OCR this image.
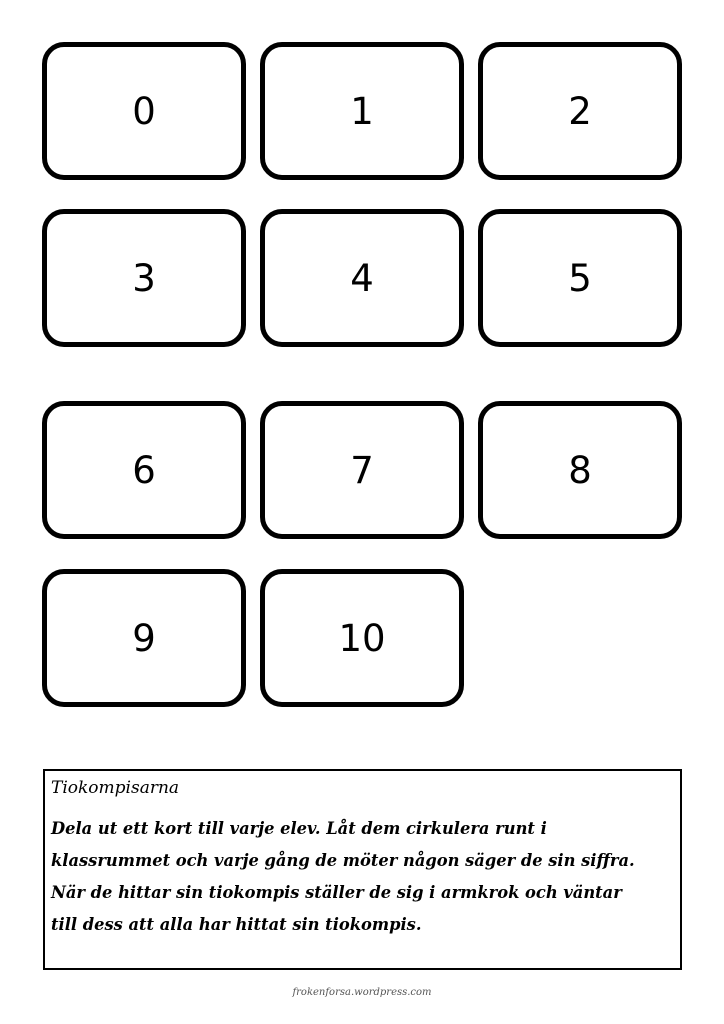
0	1	2
3	4	5
6	7	8
9	10
Tiokompisarna
Dela ut ett kort till varje elev. Låt dem cirkulera runt i
klassrummet och varje gång de möter någon säger de sin siffra.
När de hittar sin tiokompis ställer de sig i armkrok och väntar
till dess att alla har hittat sin tiokompis.
frokenforsa.wordpress.com
